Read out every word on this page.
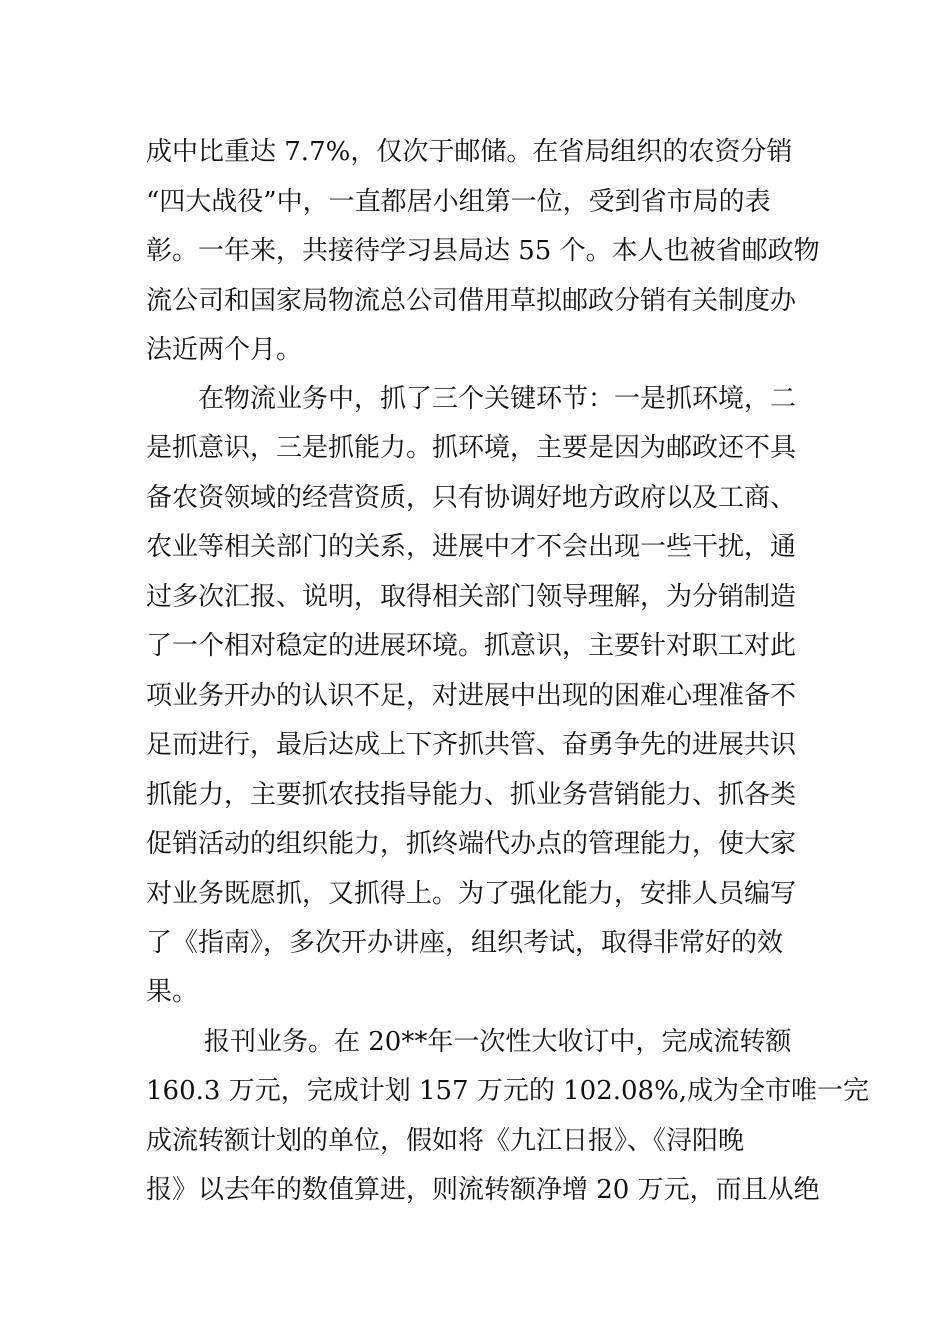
成中比重达 7.7%，仅次于邮储。在省局组织的农资分销
“四大战役”中，一直都居小组第一位，受到省市局的表
彰。一年来，共接待学习县局达 55 个。本人也被省邮政物
流公司和国家局物流总公司借用草拟邮政分销有关制度办
法近两个月。
在物流业务中，抓了三个关键环节：一是抓环境，二
是抓意识，三是抓能力。抓环境，主要是因为邮政还不具
备农资领域的经营资质，只有协调好地方政府以及工商、
农业等相关部门的关系，进展中才不会出现一些干扰，通
过多次汇报、说明，取得相关部门领导理解，为分销制造
了一个相对稳定的进展环境。抓意识，主要针对职工对此
项业务开办的认识不足，对进展中出现的困难心理准备不
足而进行，最后达成上下齐抓共管、奋勇争先的进展共识
抓能力，主要抓农技指导能力、抓业务营销能力、抓各类
促销活动的组织能力，抓终端代办点的管理能力，使大家
对业务既愿抓，又抓得上。为了强化能力，安排人员编写
了《指南》，多次开办讲座，组织考试，取得非常好的效
果。
报刊业务。在 20**年一次性大收订中，完成流转额
160.3 万元，完成计划 157 万元的 102.08%,成为全市唯一完
成流转额计划的单位，假如将《九江日报》、《浔阳晚
报》以去年的数值算进，则流转额净增 20 万元，而且从绝
